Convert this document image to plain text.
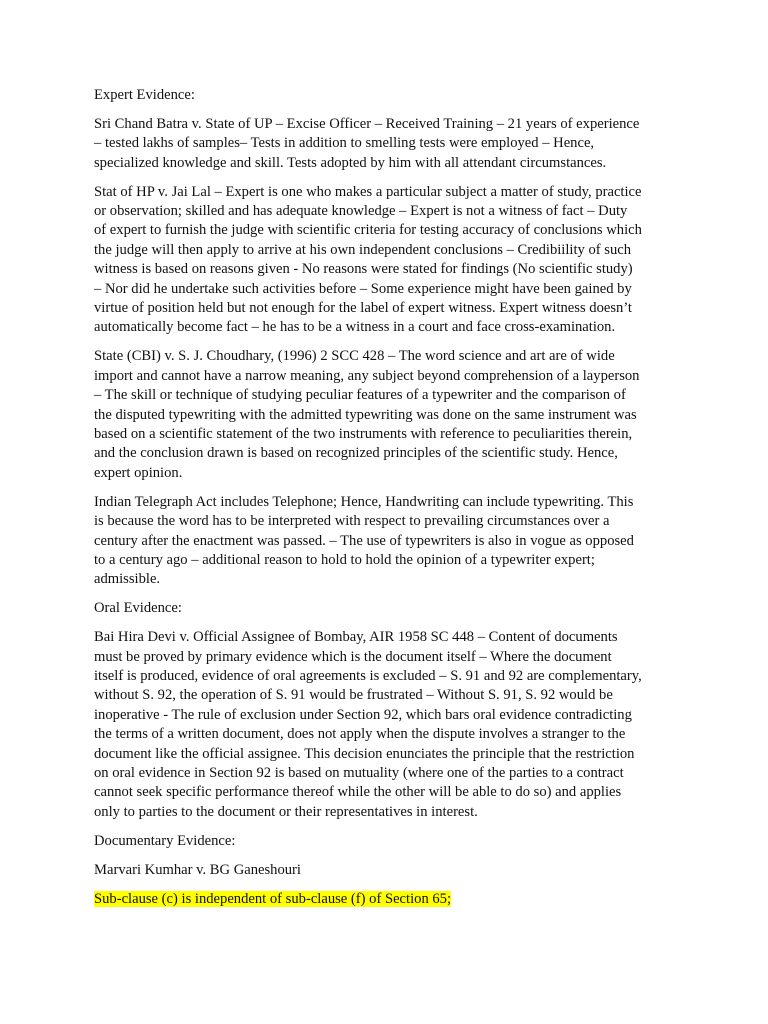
Expert Evidence:
Sri Chand Batra v. State of UP – Excise Officer – Received Training – 21 years of experience
– tested lakhs of samples– Tests in addition to smelling tests were employed – Hence,
specialized knowledge and skill. Tests adopted by him with all attendant circumstances.
Stat of HP v. Jai Lal – Expert is one who makes a particular subject a matter of study, practice
or observation; skilled and has adequate knowledge – Expert is not a witness of fact – Duty
of expert to furnish the judge with scientific criteria for testing accuracy of conclusions which
the judge will then apply to arrive at his own independent conclusions – Credibiility of such
witness is based on reasons given - No reasons were stated for findings (No scientific study)
– Nor did he undertake such activities before – Some experience might have been gained by
virtue of position held but not enough for the label of expert witness. Expert witness doesn’t
automatically become fact – he has to be a witness in a court and face cross-examination.
State (CBI) v. S. J. Choudhary, (1996) 2 SCC 428 – The word science and art are of wide
import and cannot have a narrow meaning, any subject beyond comprehension of a layperson
– The skill or technique of studying peculiar features of a typewriter and the comparison of
the disputed typewriting with the admitted typewriting was done on the same instrument was
based on a scientific statement of the two instruments with reference to peculiarities therein,
and the conclusion drawn is based on recognized principles of the scientific study. Hence,
expert opinion.
Indian Telegraph Act includes Telephone; Hence, Handwriting can include typewriting. This
is because the word has to be interpreted with respect to prevailing circumstances over a
century after the enactment was passed. – The use of typewriters is also in vogue as opposed
to a century ago – additional reason to hold to hold the opinion of a typewriter expert;
admissible.
Oral Evidence:
Bai Hira Devi v. Official Assignee of Bombay, AIR 1958 SC 448 – Content of documents
must be proved by primary evidence which is the document itself – Where the document
itself is produced, evidence of oral agreements is excluded – S. 91 and 92 are complementary,
without S. 92, the operation of S. 91 would be frustrated – Without S. 91, S. 92 would be
inoperative - The rule of exclusion under Section 92, which bars oral evidence contradicting
the terms of a written document, does not apply when the dispute involves a stranger to the
document like the official assignee. This decision enunciates the principle that the restriction
on oral evidence in Section 92 is based on mutuality (where one of the parties to a contract
cannot seek specific performance thereof while the other will be able to do so) and applies
only to parties to the document or their representatives in interest.
Documentary Evidence:
Marvari Kumhar v. BG Ganeshouri
Sub-clause (c) is independent of sub-clause (f) of Section 65;
